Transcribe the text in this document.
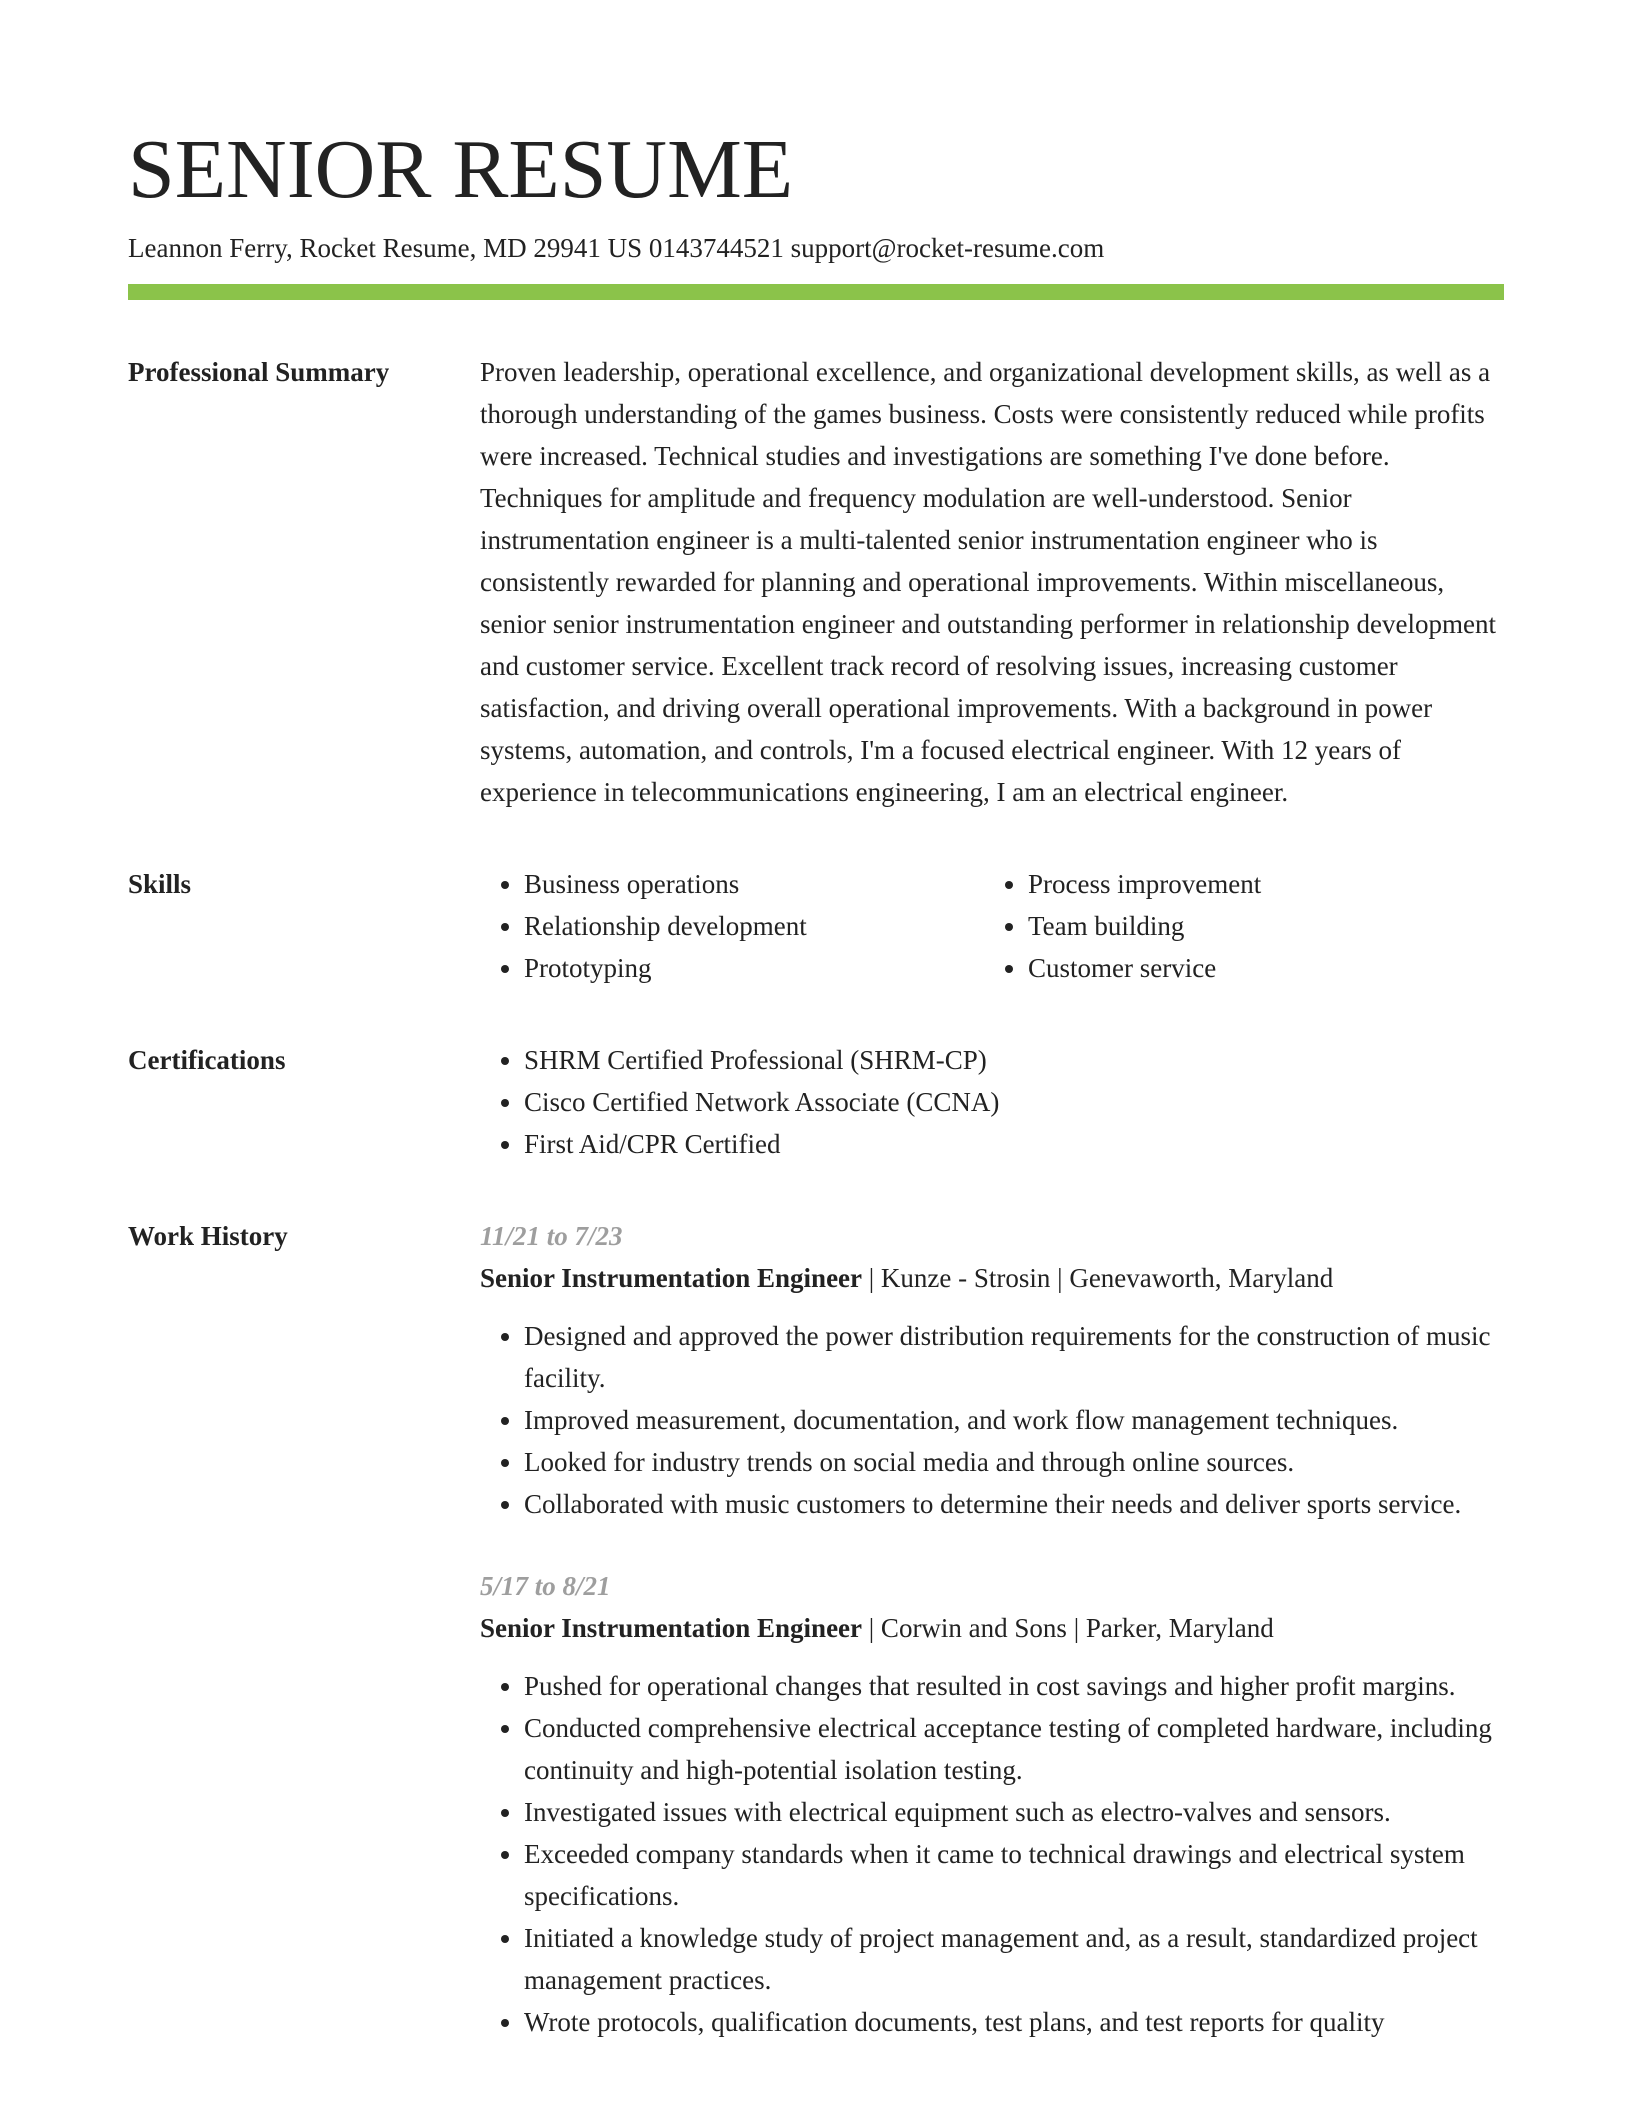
SENIOR RESUME
Leannon Ferry, Rocket Resume, MD 29941 US 0143744521 support@rocket-resume.com
Professional Summary	Proven leadership, operational excellence, and organizational development skills, as well as a thorough understanding of the games business. Costs were consistently reduced while profits were increased. Technical studies and investigations are something I've done before. Techniques for amplitude and frequency modulation are well-understood. Senior instrumentation engineer is a multi-talented senior instrumentation engineer who is consistently rewarded for planning and operational improvements. Within miscellaneous, senior senior instrumentation engineer and outstanding performer in relationship development and customer service. Excellent track record of resolving issues, increasing customer satisfaction, and driving overall operational improvements. With a background in power systems, automation, and controls, I'm a focused electrical engineer. With 12 years of experience in telecommunications engineering, I am an electrical engineer.

Skills	• Business operations	• Process improvement
• Relationship development	• Team building
• Prototyping	• Customer service
Certifications	• SHRM Certified Professional (SHRM-CP)
• Cisco Certified Network Associate (CCNA)
• First Aid/CPR Certified
Work History	11/21 to 7/23
Senior Instrumentation Engineer | Kunze - Strosin | Genevaworth, Maryland
• Designed and approved the power distribution requirements for the construction of music facility.
• Improved measurement, documentation, and work flow management techniques.
• Looked for industry trends on social media and through online sources.
• Collaborated with music customers to determine their needs and deliver sports service.
5/17 to 8/21
Senior Instrumentation Engineer | Corwin and Sons | Parker, Maryland
• Pushed for operational changes that resulted in cost savings and higher profit margins.
• Conducted comprehensive electrical acceptance testing of completed hardware, including continuity and high-potential isolation testing.
• Investigated issues with electrical equipment such as electro-valves and sensors.
• Exceeded company standards when it came to technical drawings and electrical system specifications.
• Initiated a knowledge study of project management and, as a result, standardized project management practices.
• Wrote protocols, qualification documents, test plans, and test reports for quality
